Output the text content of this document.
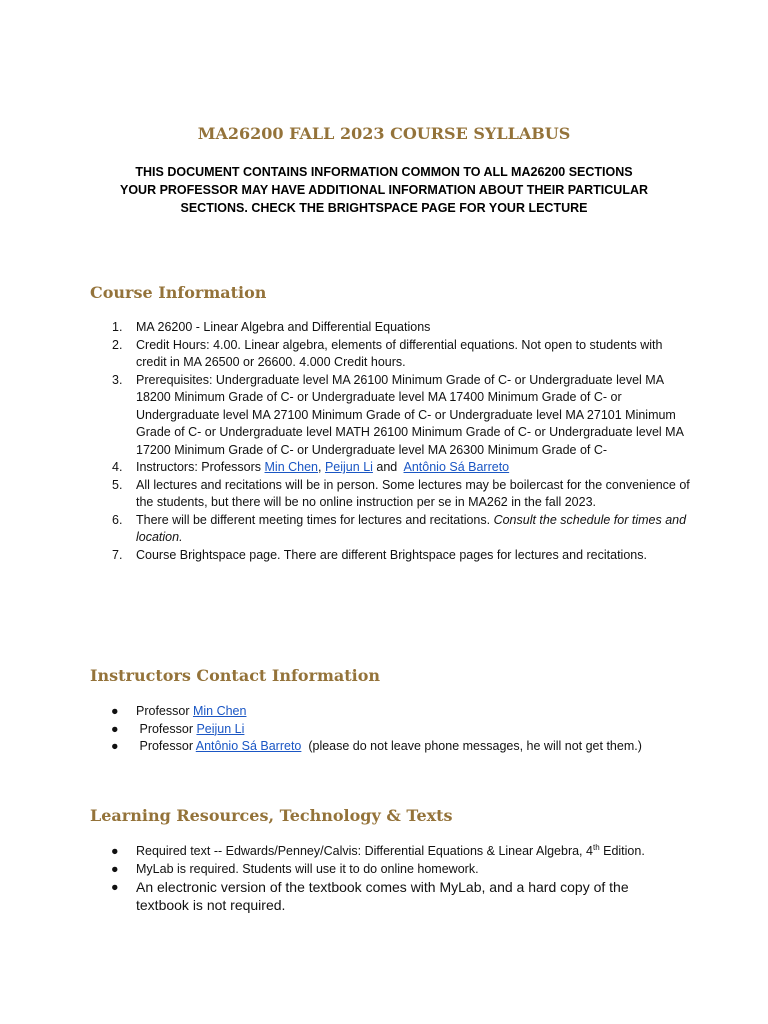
MA26200 FALL 2023 COURSE SYLLABUS
THIS DOCUMENT CONTAINS INFORMATION COMMON TO ALL MA26200 SECTIONS
YOUR PROFESSOR MAY HAVE ADDITIONAL INFORMATION ABOUT THEIR PARTICULAR
SECTIONS. CHECK THE BRIGHTSPACE PAGE FOR YOUR LECTURE
Course Information
1.	MA 26200 - Linear Algebra and Differential Equations
2.	Credit Hours: 4.00. Linear algebra, elements of differential equations. Not open to students with credit in MA 26500 or 26600. 4.000 Credit hours.
3.	Prerequisites: Undergraduate level MA 26100 Minimum Grade of C- or Undergraduate level MA 18200 Minimum Grade of C- or Undergraduate level MA 17400 Minimum Grade of C- or Undergraduate level MA 27100 Minimum Grade of C- or Undergraduate level MA 27101 Minimum Grade of C- or Undergraduate level MATH 26100 Minimum Grade of C- or Undergraduate level MA 17200 Minimum Grade of C- or Undergraduate level MA 26300 Minimum Grade of C-
4.	Instructors: Professors Min Chen, Peijun Li and  Antônio Sá Barreto
5.	All lectures and recitations will be in person. Some lectures may be boilercast for the convenience of the students, but there will be no online instruction per se in MA262 in the fall 2023.
6.	There will be different meeting times for lectures and recitations. Consult the schedule for times and location.
7.	Course Brightspace page. There are different Brightspace pages for lectures and recitations.
Instructors Contact Information
●	Professor Min Chen
●	Professor Peijun Li
●	Professor Antônio Sá Barreto  (please do not leave phone messages, he will not get them.)
Learning Resources, Technology & Texts
●	Required text -- Edwards/Penney/Calvis: Differential Equations & Linear Algebra, 4th Edition.
●	MyLab is required. Students will use it to do online homework.
●	An electronic version of the textbook comes with MyLab, and a hard copy of the textbook is not required.
